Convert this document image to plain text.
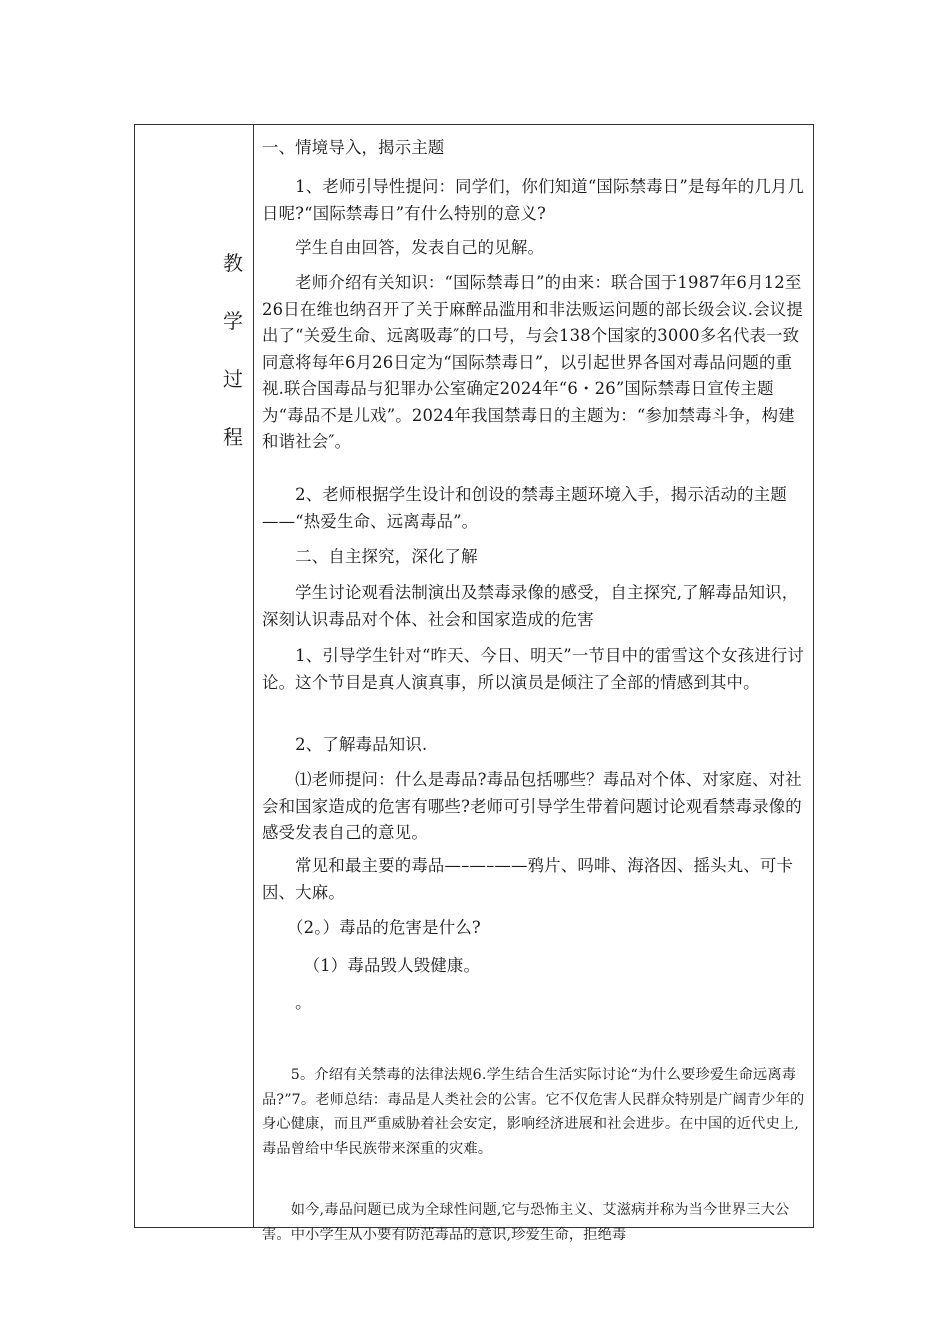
教
学
过
程

一、情境导入，揭示主题

　　1、老师引导性提问：同学们，你们知道“国际禁毒日”是每年的几月几日呢?“国际禁毒日”有什么特别的意义?

　　学生自由回答，发表自己的见解。

　　老师介绍有关知识：“国际禁毒日”的由来：联合国于1987年6月12至26日在维也纳召开了关于麻醉品滥用和非法贩运问题的部长级会议.会议提出了“关爱生命、远离吸毒″的口号，与会138个国家的3000多名代表一致同意将每年6月26日定为“国际禁毒日”，以引起世界各国对毒品问题的重视.联合国毒品与犯罪办公室确定2024年“6・26”国际禁毒日宣传主题为“毒品不是儿戏”。2024年我国禁毒日的主题为：“参加禁毒斗争，构建和谐社会″。

　　2、老师根据学生设计和创设的禁毒主题环境入手，揭示活动的主题——“热爱生命、远离毒品”。

　　二、自主探究，深化了解

　　学生讨论观看法制演出及禁毒录像的感受，自主探究,了解毒品知识，深刻认识毒品对个体、社会和国家造成的危害

　　1、引导学生针对“昨天、今日、明天”一节目中的雷雪这个女孩进行讨论。这个节目是真人演真事，所以演员是倾注了全部的情感到其中。

　　2、了解毒品知识.

　　⑴老师提问：什么是毒品?毒品包括哪些？毒品对个体、对家庭、对社会和国家造成的危害有哪些?老师可引导学生带着问题讨论观看禁毒录像的感受发表自己的意见。

　　常见和最主要的毒品—–—–——鸦片、吗啡、海洛因、摇头丸、可卡因、大麻。

　　（2。）毒品的危害是什么?

　　　（1）毒品毁人毁健康。

　　。

　　5。介绍有关禁毒的法律法规6.学生结合生活实际讨论“为什么要珍爱生命远离毒品?”7。老师总结：毒品是人类社会的公害。它不仅危害人民群众特别是广阔青少年的身心健康，而且严重威胁着社会安定，影响经济进展和社会进步。在中国的近代史上,毒品曾给中华民族带来深重的灾难。

　　如今,毒品问题已成为全球性问题,它与恐怖主义、艾滋病并称为当今世界三大公害。中小学生从小要有防范毒品的意识,珍爱生命，拒绝毒
